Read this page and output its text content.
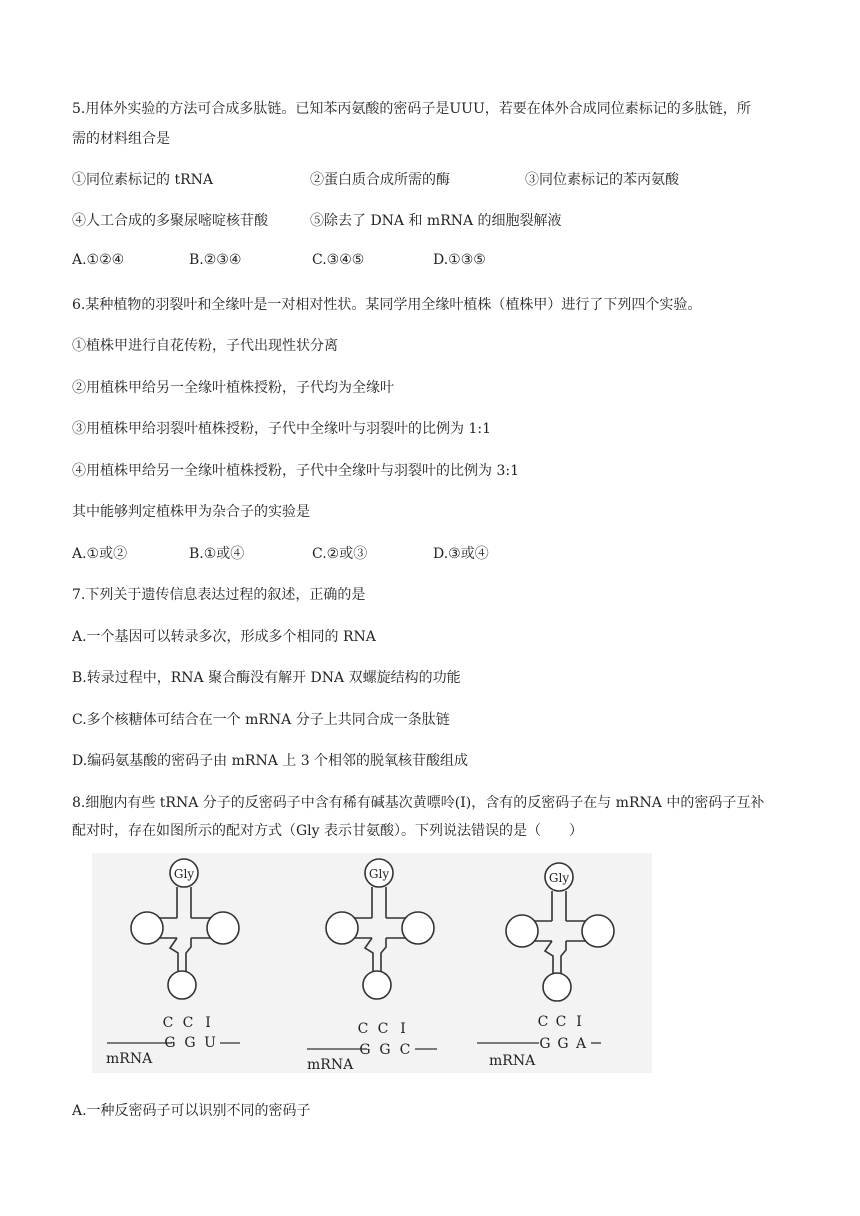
5.用体外实验的方法可合成多肽链。已知苯丙氨酸的密码子是UUU，若要在体外合成同位素标记的多肽链，所
需的材料组合是
①同位素标记的 tRNA	②蛋白质合成所需的酶	③同位素标记的苯丙氨酸
④人工合成的多聚尿嘧啶核苷酸	⑤除去了 DNA 和 mRNA 的细胞裂解液
A.①②④	B.②③④	C.③④⑤	D.①③⑤
6.某种植物的羽裂叶和全缘叶是一对相对性状。某同学用全缘叶植株（植株甲）进行了下列四个实验。
①植株甲进行自花传粉，子代出现性状分离
②用植株甲给另一全缘叶植株授粉，子代均为全缘叶
③用植株甲给羽裂叶植株授粉，子代中全缘叶与羽裂叶的比例为 1:1
④用植株甲给另一全缘叶植株授粉，子代中全缘叶与羽裂叶的比例为 3:1
其中能够判定植株甲为杂合子的实验是
A.①或②	B.①或④	C.②或③	D.③或④
7.下列关于遗传信息表达过程的叙述，正确的是
A.一个基因可以转录多次，形成多个相同的 RNA
B.转录过程中，RNA 聚合酶没有解开 DNA 双螺旋结构的功能
C.多个核糖体可结合在一个 mRNA 分子上共同合成一条肽链
D.编码氨基酸的密码子由 mRNA 上 3 个相邻的脱氧核苷酸组成
8.细胞内有些 tRNA 分子的反密码子中含有稀有碱基次黄嘌呤(I)，含有的反密码子在与 mRNA 中的密码子互补
配对时，存在如图所示的配对方式（Gly 表示甘氨酸）。下列说法错误的是（　　）
Gly
C C I
G G U
mRNA
Gly
C C I
G G C
mRNA
Gly
C C I
G G A
mRNA
A.一种反密码子可以识别不同的密码子
